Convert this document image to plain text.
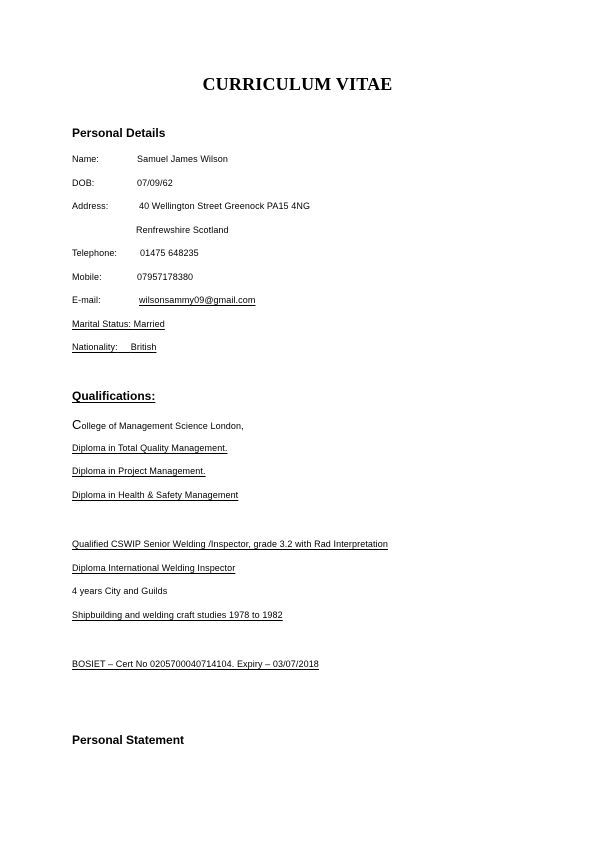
CURRICULUM VITAE
Personal Details
Name:	Samuel James Wilson
DOB:	07/09/62
Address:	40 Wellington Street Greenock PA15 4NG
Renfrewshire Scotland
Telephone:	01475 648235
Mobile:	07957178380
E-mail:	wilsonsammy09@gmail.com
Marital Status: Married
Nationality: British
Qualifications:
College of Management Science London,
Diploma in Total Quality Management.
Diploma in Project Management.
Diploma in Health & Safety Management
Qualified CSWIP Senior Welding /Inspector, grade 3.2 with Rad Interpretation
Diploma International Welding Inspector
4 years City and Guilds
Shipbuilding and welding craft studies 1978 to 1982
BOSIET – Cert No 0205700040714104. Expiry – 03/07/2018
Personal Statement
